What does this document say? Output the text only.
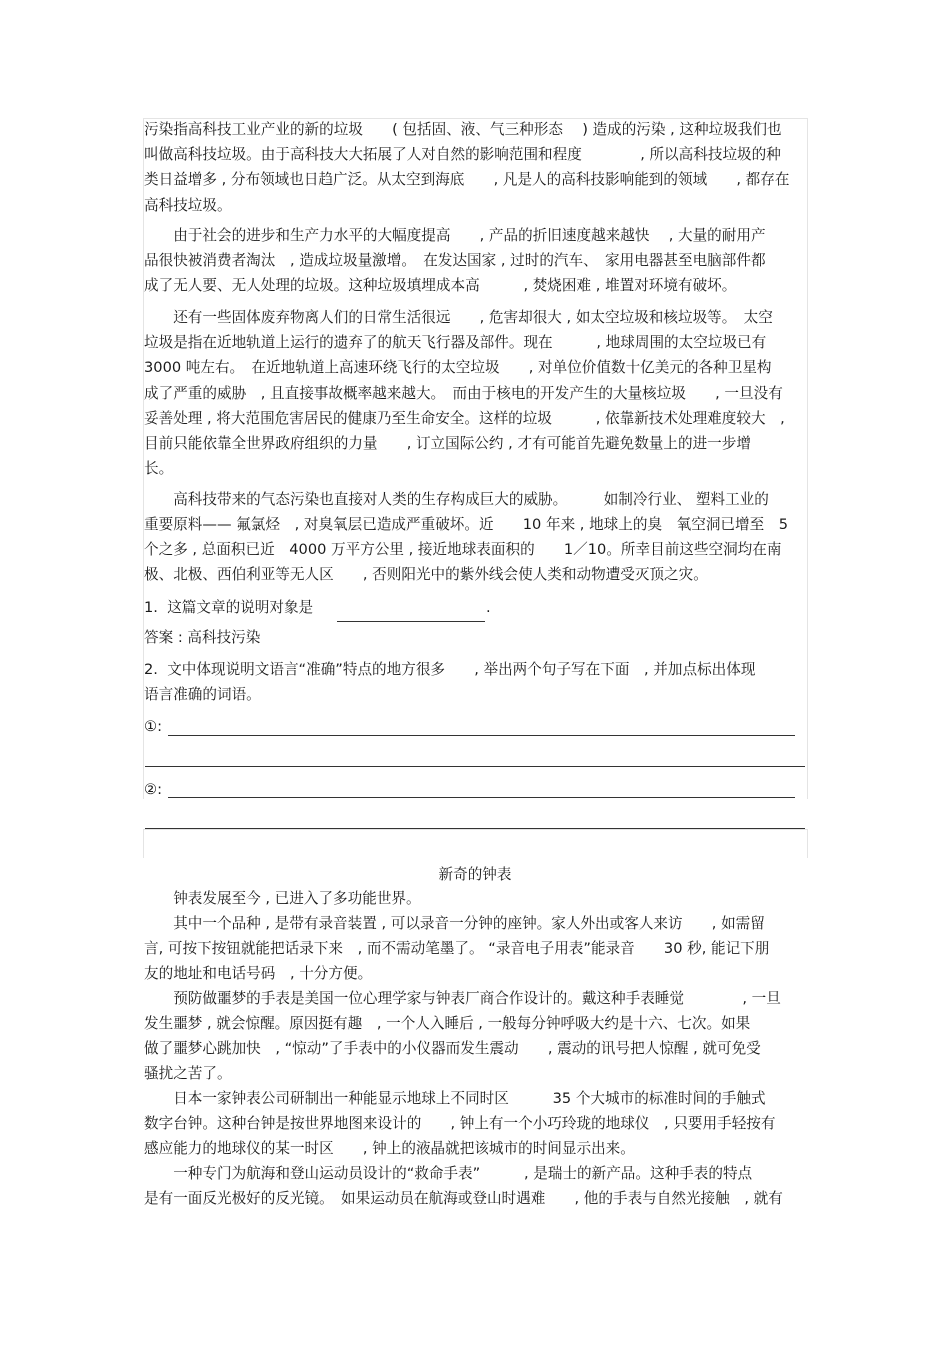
污染指高科技工业产业的新的垃圾　　( 包括固、液、气三种形态　 ) 造成的污染 , 这种垃圾我们也
叫做高科技垃圾。由于高科技大大拓展了人对自然的影响范围和程度　　　　, 所以高科技垃圾的种
类日益增多 , 分布领域也日趋广泛。从太空到海底　　, 凡是人的高科技影响能到的领域　　, 都存在
高科技垃圾。
　　由于社会的进步和生产力水平的大幅度提高　　, 产品的折旧速度越来越快　 , 大量的耐用产
品很快被消费者淘汰　, 造成垃圾量激增。　在发达国家 , 过时的汽车、　家用电器甚至电脑部件都
成了无人要、无人处理的垃圾。这种垃圾填埋成本高　　　, 焚烧困难 , 堆置对环境有破坏。
　　还有一些固体废弃物离人们的日常生活很远　　, 危害却很大 , 如太空垃圾和核垃圾等。　太空
垃圾是指在近地轨道上运行的遗弃了的航天飞行器及部件。现在　　　, 地球周围的太空垃圾已有
3000 吨左右。　在近地轨道上高速环绕飞行的太空垃圾　　, 对单位价值数十亿美元的各种卫星构
成了严重的威胁　, 且直接事故概率越来越大。　而由于核电的开发产生的大量核垃圾　　, 一旦没有
妥善处理 , 将大范围危害居民的健康乃至生命安全。这样的垃圾　　　, 依靠新技术处理难度较大　,
目前只能依靠全世界政府组织的力量　　, 订立国际公约 , 才有可能首先避免数量上的进一步增
长。
　　高科技带来的气态污染也直接对人类的生存构成巨大的威胁。　　　如制冷行业、 塑料工业的
重要原料—— 氟氯烃　, 对臭氧层已造成严重破坏。近　　10 年来 , 地球上的臭　氧空洞已增至　5
个之多 , 总面积已近　4000 万平方公里 , 接近地球表面积的　　1／10。所幸目前这些空洞均在南
极、北极、西伯利亚等无人区　　, 否则阳光中的紫外线会使人类和动物遭受灭顶之灾。
1.  这篇文章的说明对象是	.
答案 : 高科技污染
2.  文中体现说明文语言“准确”特点的地方很多　　, 举出两个句子写在下面　, 并加点标出体现
语言准确的词语。
①:
②:
新奇的钟表
　　钟表发展至今 , 已进入了多功能世界。
　　其中一个品种 , 是带有录音装置 , 可以录音一分钟的座钟。家人外出或客人来访　　, 如需留
言, 可按下按钮就能把话录下来　, 而不需动笔墨了。 “录音电子用表”能录音　　30 秒, 能记下朋
友的地址和电话号码　, 十分方便。
　　预防做噩梦的手表是美国一位心理学家与钟表厂商合作设计的。戴这种手表睡觉　　　　, 一旦
发生噩梦 , 就会惊醒。原因挺有趣　, 一个人入睡后 , 一般每分钟呼吸大约是十六、七次。如果
做了噩梦心跳加快　, “惊动”了手表中的小仪器而发生震动　　, 震动的讯号把人惊醒 , 就可免受
骚扰之苦了。
　　日本一家钟表公司研制出一种能显示地球上不同时区　　　35 个大城市的标准时间的手触式
数字台钟。这种台钟是按世界地图来设计的　　, 钟上有一个小巧玲珑的地球仪　, 只要用手轻按有
感应能力的地球仪的某一时区　　, 钟上的液晶就把该城市的时间显示出来。
　　一种专门为航海和登山运动员设计的“救命手表”　　　, 是瑞士的新产品。这种手表的特点
是有一面反光极好的反光镜。　如果运动员在航海或登山时遇难　　, 他的手表与自然光接触　, 就有
